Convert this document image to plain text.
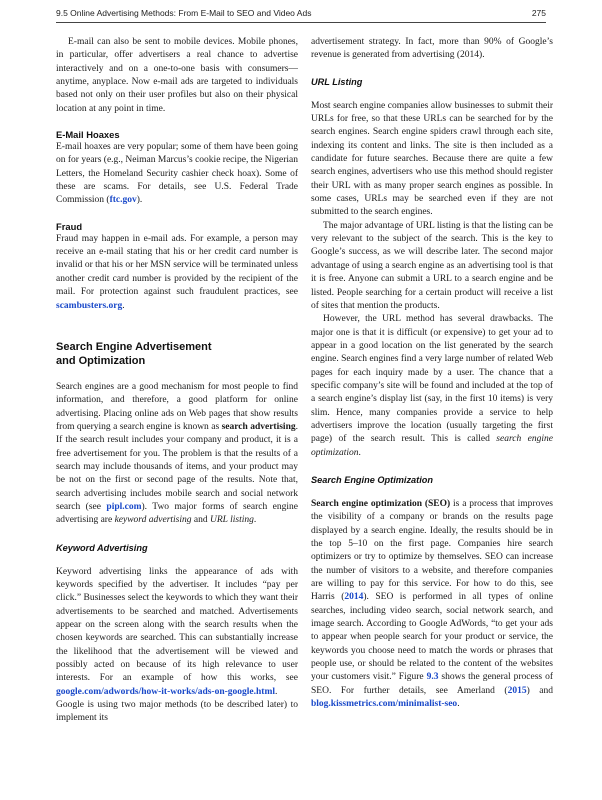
9.5 Online Advertising Methods: From E-Mail to SEO and Video Ads	275

E-mail can also be sent to mobile devices. Mobile phones, in particular, offer advertisers a real chance to advertise interactively and on a one-to-one basis with consumers—anytime, anyplace. Now e-mail ads are targeted to individuals based not only on their user profiles but also on their physical location at any point in time.

E-Mail Hoaxes

E-mail hoaxes are very popular; some of them have been going on for years (e.g., Neiman Marcus’s cookie recipe, the Nigerian Letters, the Homeland Security cashier check hoax). Some of these are scams. For details, see U.S. Federal Trade Commission (ftc.gov).

Fraud

Fraud may happen in e-mail ads. For example, a person may receive an e-mail stating that his or her credit card number is invalid or that his or her MSN service will be terminated unless another credit card number is provided by the recipient of the mail. For protection against such fraudulent practices, see scambusters.org.

Search Engine Advertisement
and Optimization

Search engines are a good mechanism for most people to find information, and therefore, a good platform for online advertising. Placing online ads on Web pages that show results from querying a search engine is known as search advertising. If the search result includes your company and product, it is a free advertisement for you. The problem is that the results of a search may include thousands of items, and your product may be not on the first or second page of the results. Note that, search advertising includes mobile search and social network search (see pipl.com). Two major forms of search engine advertising are keyword advertising and URL listing.

Keyword Advertising

Keyword advertising links the appearance of ads with keywords specified by the advertiser. It includes “pay per click.” Businesses select the keywords to which they want their advertisements to be searched and matched. Advertisements appear on the screen along with the search results when the chosen keywords are searched. This can substantially increase the likelihood that the advertisement will be viewed and possibly acted on because of its high relevance to user interests. For an example of how this works, see google.com/adwords/how-it-works/ads-on-google.html. Google is using two major methods (to be described later) to implement its

advertisement strategy. In fact, more than 90% of Google’s revenue is generated from advertising (2014).

URL Listing

Most search engine companies allow businesses to submit their URLs for free, so that these URLs can be searched for by the search engines. Search engine spiders crawl through each site, indexing its content and links. The site is then included as a candidate for future searches. Because there are quite a few search engines, advertisers who use this method should register their URL with as many proper search engines as possible. In some cases, URLs may be searched even if they are not submitted to the search engines.

The major advantage of URL listing is that the listing can be very relevant to the subject of the search. This is the key to Google’s success, as we will describe later. The second major advantage of using a search engine as an advertising tool is that it is free. Anyone can submit a URL to a search engine and be listed. People searching for a certain product will receive a list of sites that mention the products.

However, the URL method has several drawbacks. The major one is that it is difficult (or expensive) to get your ad to appear in a good location on the list generated by the search engine. Search engines find a very large number of related Web pages for each inquiry made by a user. The chance that a specific company’s site will be found and included at the top of a search engine’s display list (say, in the first 10 items) is very slim. Hence, many companies provide a service to help advertisers improve the location (usually targeting the first page) of the search result. This is called search engine optimization.

Search Engine Optimization

Search engine optimization (SEO) is a process that improves the visibility of a company or brands on the results page displayed by a search engine. Ideally, the results should be in the top 5–10 on the first page. Companies hire search optimizers or try to optimize by themselves. SEO can increase the number of visitors to a website, and therefore companies are willing to pay for this service. For how to do this, see Harris (2014). SEO is performed in all types of online searches, including video search, social network search, and image search. According to Google AdWords, “to get your ads to appear when people search for your product or service, the keywords you choose need to match the words or phrases that people use, or should be related to the content of the websites your customers visit.” Figure 9.3 shows the general process of SEO. For further details, see Amerland (2015) and blog.kissmetrics.com/minimalist-seo.
